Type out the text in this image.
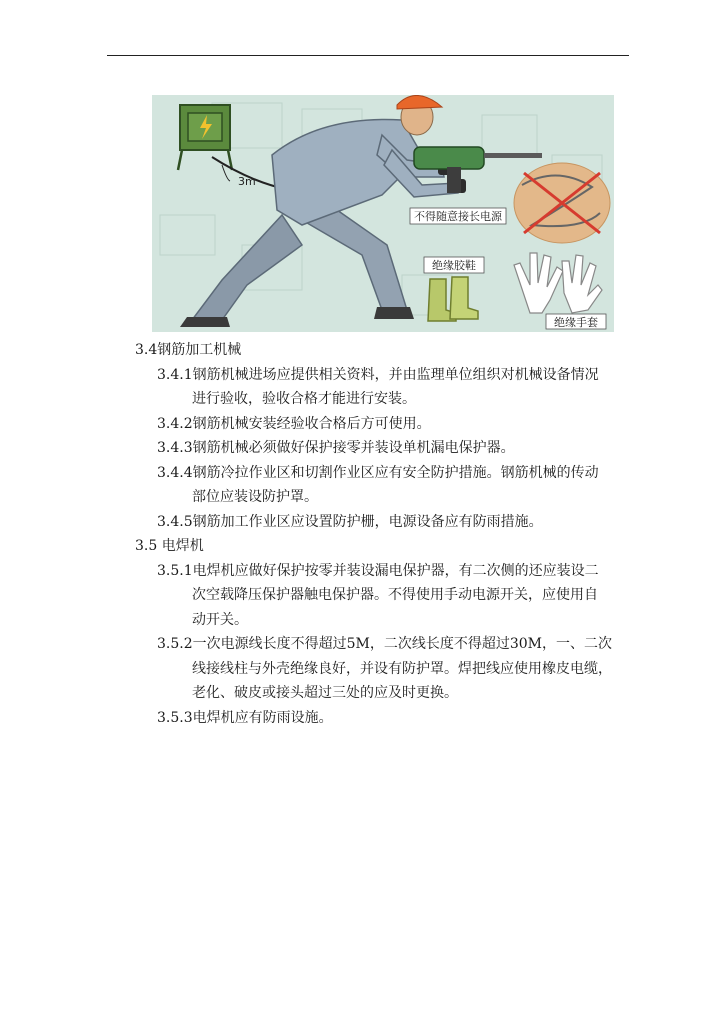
3m
不得随意接长电源
绝缘胶鞋
绝缘手套
3.4钢筋加工机械
3.4.1钢筋机械进场应提供相关资料，并由监理单位组织对机械设备情况
进行验收，验收合格才能进行安装。
3.4.2钢筋机械安装经验收合格后方可使用。
3.4.3钢筋机械必须做好保护接零并装设单机漏电保护器。
3.4.4钢筋冷拉作业区和切割作业区应有安全防护措施。钢筋机械的传动
部位应装设防护罩。
3.4.5钢筋加工作业区应设置防护栅，电源设备应有防雨措施。
3.5 电焊机
3.5.1电焊机应做好保护按零并装设漏电保护器，有二次侧的还应装设二
次空载降压保护器触电保护器。不得使用手动电源开关，应使用自
动开关。
3.5.2一次电源线长度不得超过5M，二次线长度不得超过30M，一、二次
线接线柱与外壳绝缘良好，并设有防护罩。焊把线应使用橡皮电缆，
老化、破皮或接头超过三处的应及时更换。
3.5.3电焊机应有防雨设施。
